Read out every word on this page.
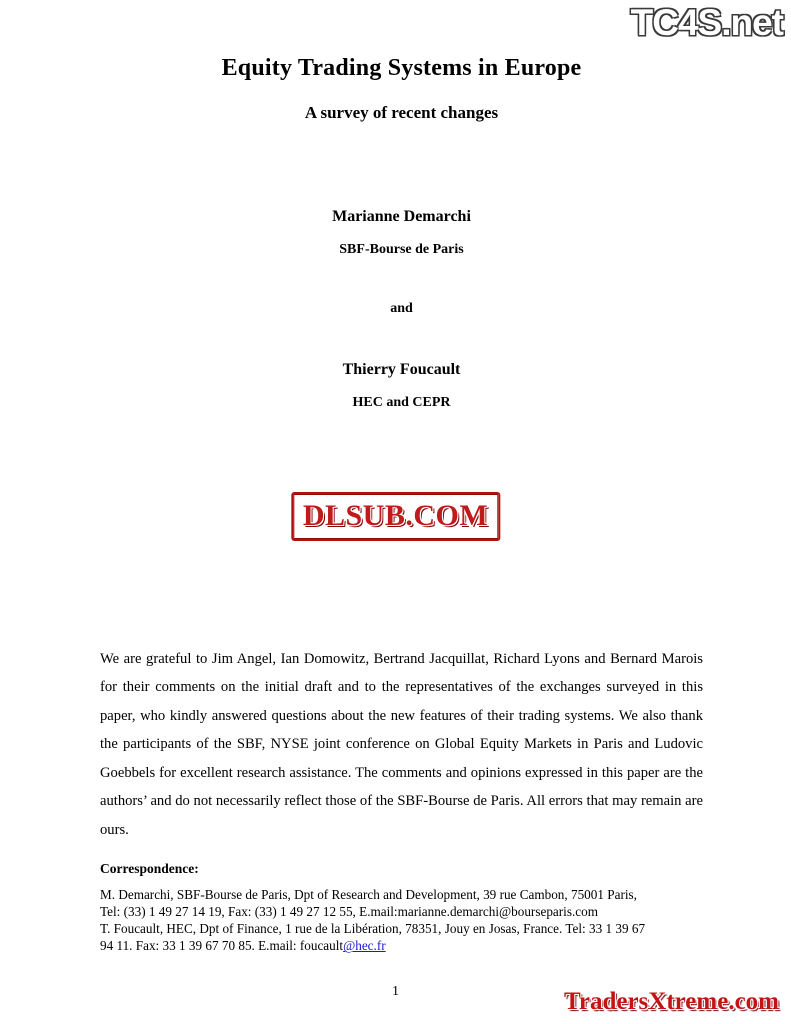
TC4S.net
Equity Trading Systems in Europe
A survey of recent changes
Marianne Demarchi
SBF-Bourse de Paris
and
Thierry Foucault
HEC and CEPR
DLSUB.COM
We are grateful to Jim Angel, Ian Domowitz, Bertrand Jacquillat, Richard Lyons and Bernard Marois for their comments on the initial draft and to the representatives of the exchanges surveyed in this paper, who kindly answered questions about the new features of their trading systems. We also thank the participants of the SBF, NYSE joint conference on Global Equity Markets in Paris and Ludovic Goebbels for excellent research assistance. The comments and opinions expressed in this paper are the authors’ and do not necessarily reflect those of the SBF-Bourse de Paris. All errors that may remain are ours.
Correspondence:
M. Demarchi, SBF-Bourse de Paris, Dpt of Research and Development, 39 rue Cambon, 75001 Paris,
Tel: (33) 1 49 27 14 19, Fax: (33) 1 49 27 12 55, E.mail:marianne.demarchi@bourseparis.com
T. Foucault, HEC, Dpt of Finance, 1 rue de la Libération, 78351, Jouy en Josas, France. Tel: 33 1 39 67
94 11. Fax: 33 1 39 67 70 85. E.mail: foucault@hec.fr
1	TradersXtreme.com
